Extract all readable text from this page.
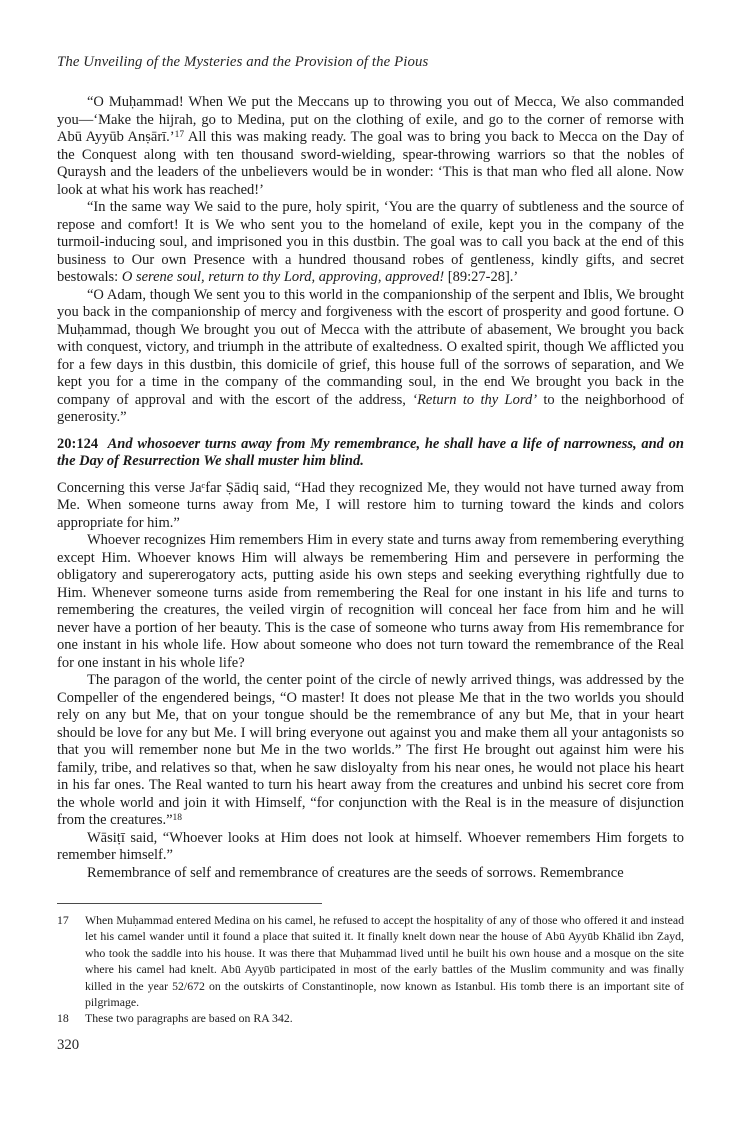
The Unveiling of the Mysteries and the Provision of the Pious

“O Muḥammad! When We put the Meccans up to throwing you out of Mecca, We also commanded you—‘Make the hijrah, go to Medina, put on the clothing of exile, and go to the corner of remorse with Abū Ayyūb Anṣārī.’$^{17}$ All this was making ready. The goal was to bring you back to Mecca on the Day of the Conquest along with ten thousand sword-wielding, spear-throwing warriors so that the nobles of Quraysh and the leaders of the unbelievers would be in wonder: ‘This is that man who fled all alone. Now look at what his work has reached!’

“In the same way We said to the pure, holy spirit, ‘You are the quarry of subtleness and the source of repose and comfort! It is We who sent you to the homeland of exile, kept you in the company of the turmoil-inducing soul, and imprisoned you in this dustbin. The goal was to call you back at the end of this business to Our own Presence with a hundred thousand robes of gentleness, kindly gifts, and secret bestowals: O serene soul, return to thy Lord, approving, approved! [89:27-28].’

“O Adam, though We sent you to this world in the companionship of the serpent and Iblis, We brought you back in the companionship of mercy and forgiveness with the escort of prosperity and good fortune. O Muḥammad, though We brought you out of Mecca with the attribute of abasement, We brought you back with conquest, victory, and triumph in the attribute of exaltedness. O exalted spirit, though We afflicted you for a few days in this dustbin, this domicile of grief, this house full of the sorrows of separation, and We kept you for a time in the company of the commanding soul, in the end We brought you back in the company of approval and with the escort of the address, ‘Return to thy Lord’ to the neighborhood of generosity.”

20:124  And whosoever turns away from My remembrance, he shall have a life of narrowness, and on the Day of Resurrection We shall muster him blind.

Concerning this verse Jaᶜfar Ṣādiq said, “Had they recognized Me, they would not have turned away from Me. When someone turns away from Me, I will restore him to turning toward the kinds and colors appropriate for him.”

Whoever recognizes Him remembers Him in every state and turns away from remembering everything except Him. Whoever knows Him will always be remembering Him and persevere in performing the obligatory and supererogatory acts, putting aside his own steps and seeking everything rightfully due to Him. Whenever someone turns aside from remembering the Real for one instant in his life and turns to remembering the creatures, the veiled virgin of recognition will conceal her face from him and he will never have a portion of her beauty. This is the case of someone who turns away from His remembrance for one instant in his whole life. How about someone who does not turn toward the remembrance of the Real for one instant in his whole life?

The paragon of the world, the center point of the circle of newly arrived things, was addressed by the Compeller of the engendered beings, “O master! It does not please Me that in the two worlds you should rely on any but Me, that on your tongue should be the remembrance of any but Me, that in your heart should be love for any but Me. I will bring everyone out against you and make them all your antagonists so that you will remember none but Me in the two worlds.” The first He brought out against him were his family, tribe, and relatives so that, when he saw disloyalty from his near ones, he would not place his heart in his far ones. The Real wanted to turn his heart away from the creatures and unbind his secret core from the whole world and join it with Himself, “for conjunction with the Real is in the measure of disjunction from the creatures.”$^{18}$

Wāsiṭī said, “Whoever looks at Him does not look at himself. Whoever remembers Him forgets to remember himself.”

Remembrance of self and remembrance of creatures are the seeds of sorrows. Remembrance

17	When Muḥammad entered Medina on his camel, he refused to accept the hospitality of any of those who offered it and instead let his camel wander until it found a place that suited it. It finally knelt down near the house of Abū Ayyūb Khālid ibn Zayd, who took the saddle into his house. It was there that Muḥammad lived until he built his own house and a mosque on the site where his camel had knelt. Abū Ayyūb participated in most of the early battles of the Muslim community and was finally killed in the year 52/672 on the outskirts of Constantinople, now known as Istanbul. His tomb there is an important site of pilgrimage.
18	These two paragraphs are based on RA 342.
320
